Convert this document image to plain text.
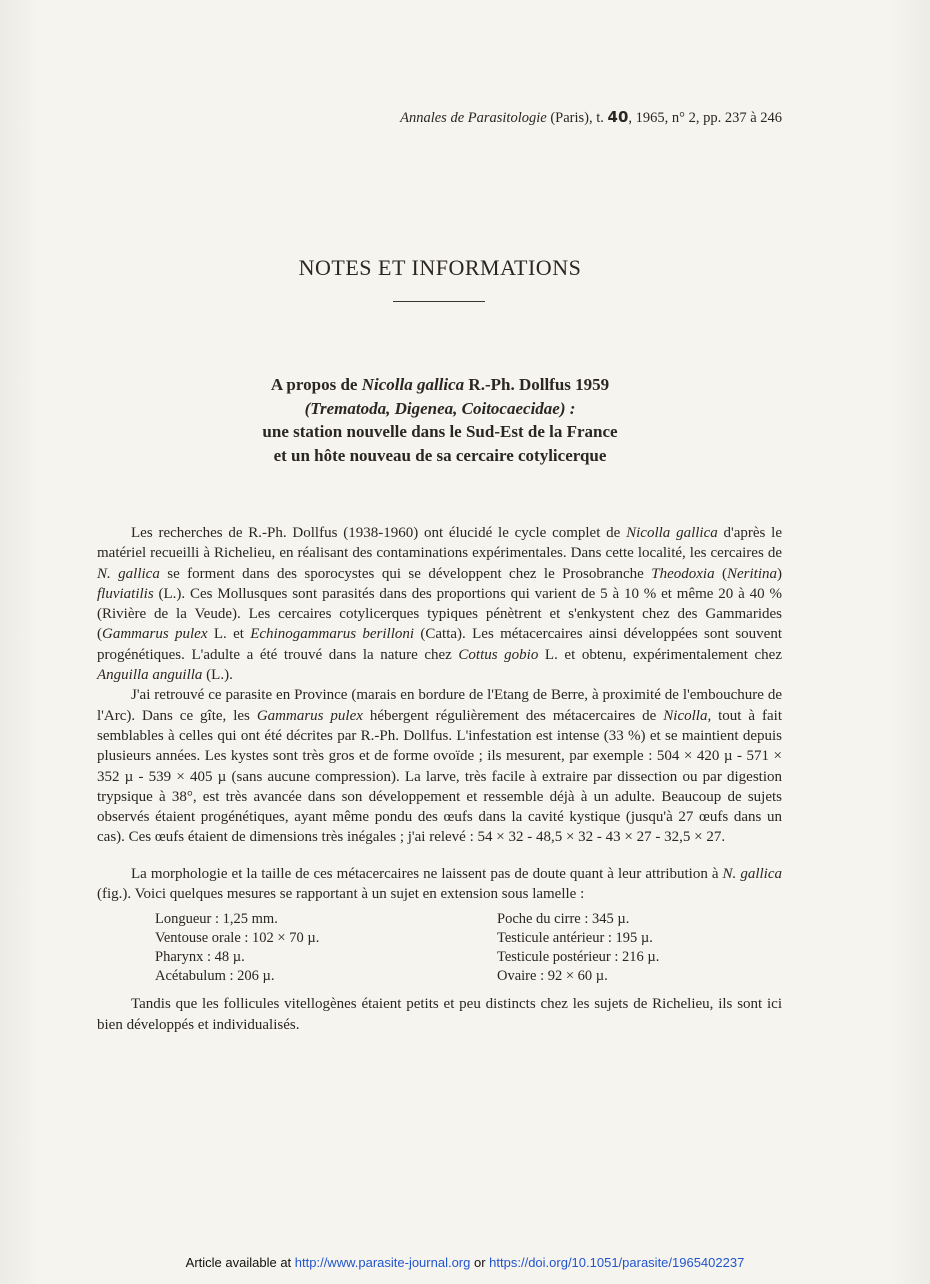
Annales de Parasitologie (Paris), t. 40, 1965, n° 2, pp. 237 à 246
NOTES ET INFORMATIONS
A propos de Nicolla gallica R.-Ph. Dollfus 1959
(Trematoda, Digenea, Coitocaecidae) :
une station nouvelle dans le Sud-Est de la France
et un hôte nouveau de sa cercaire cotylicerque

Les recherches de R.-Ph. Dollfus (1938-1960) ont élucidé le cycle complet de Nicolla gallica d'après le matériel recueilli à Richelieu, en réalisant des contaminations expérimentales. Dans cette localité, les cercaires de N. gallica se forment dans des sporocystes qui se développent chez le Prosobranche Theodoxia (Neritina) fluviatilis (L.). Ces Mollusques sont parasités dans des proportions qui varient de 5 à 10 % et même 20 à 40 % (Rivière de la Veude). Les cercaires cotylicerques typiques pénètrent et s'enkystent chez des Gammarides (Gammarus pulex L. et Echinogammarus berilloni (Catta). Les métacercaires ainsi développées sont souvent progénétiques. L'adulte a été trouvé dans la nature chez Cottus gobio L. et obtenu, expérimentalement chez Anguilla anguilla (L.).

J'ai retrouvé ce parasite en Province (marais en bordure de l'Etang de Berre, à proximité de l'embouchure de l'Arc). Dans ce gîte, les Gammarus pulex hébergent régulièrement des métacercaires de Nicolla, tout à fait semblables à celles qui ont été décrites par R.-Ph. Dollfus. L'infestation est intense (33 %) et se maintient depuis plusieurs années. Les kystes sont très gros et de forme ovoïde ; ils mesurent, par exemple : 504 × 420 µ - 571 × 352 µ - 539 × 405 µ (sans aucune compression). La larve, très facile à extraire par dissection ou par digestion trypsique à 38°, est très avancée dans son développement et ressemble déjà à un adulte. Beaucoup de sujets observés étaient progénétiques, ayant même pondu des œufs dans la cavité kystique (jusqu'à 27 œufs dans un cas). Ces œufs étaient de dimensions très inégales ; j'ai relevé : 54 × 32 - 48,5 × 32 - 43 × 27 - 32,5 × 27.

La morphologie et la taille de ces métacercaires ne laissent pas de doute quant à leur attribution à N. gallica (fig.). Voici quelques mesures se rapportant à un sujet en extension sous lamelle :

Longueur : 1,25 mm.
Ventouse orale : 102 × 70 µ.
Pharynx : 48 µ.
Acétabulum : 206 µ.
Poche du cirre : 345 µ.
Testicule antérieur : 195 µ.
Testicule postérieur : 216 µ.
Ovaire : 92 × 60 µ.

Tandis que les follicules vitellogènes étaient petits et peu distincts chez les sujets de Richelieu, ils sont ici bien développés et individualisés.

Article available at http://www.parasite-journal.org or https://doi.org/10.1051/parasite/1965402237
